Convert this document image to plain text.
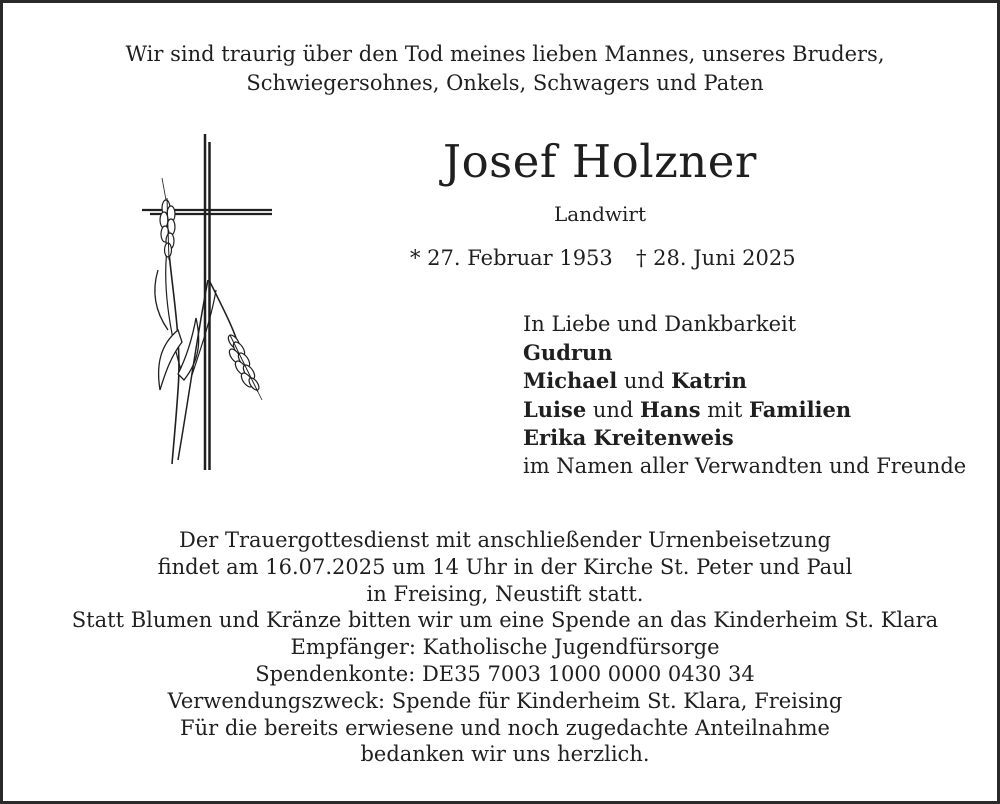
Wir sind traurig über den Tod meines lieben Mannes, unseres Bruders,
Schwiegersohnes, Onkels, Schwagers und Paten
Josef Holzner
Landwirt
* 27. Februar 1953 † 28. Juni 2025
In Liebe und Dankbarkeit
Gudrun
Michael und Katrin
Luise und Hans mit Familien
Erika Kreitenweis
im Namen aller Verwandten und Freunde
Der Trauergottesdienst mit anschließender Urnenbeisetzung
findet am 16.07.2025 um 14 Uhr in der Kirche St. Peter und Paul
in Freising, Neustift statt.
Statt Blumen und Kränze bitten wir um eine Spende an das Kinderheim St. Klara
Empfänger: Katholische Jugendfürsorge
Spendenkonte: DE35 7003 1000 0000 0430 34
Verwendungszweck: Spende für Kinderheim St. Klara, Freising
Für die bereits erwiesene und noch zugedachte Anteilnahme
bedanken wir uns herzlich.
